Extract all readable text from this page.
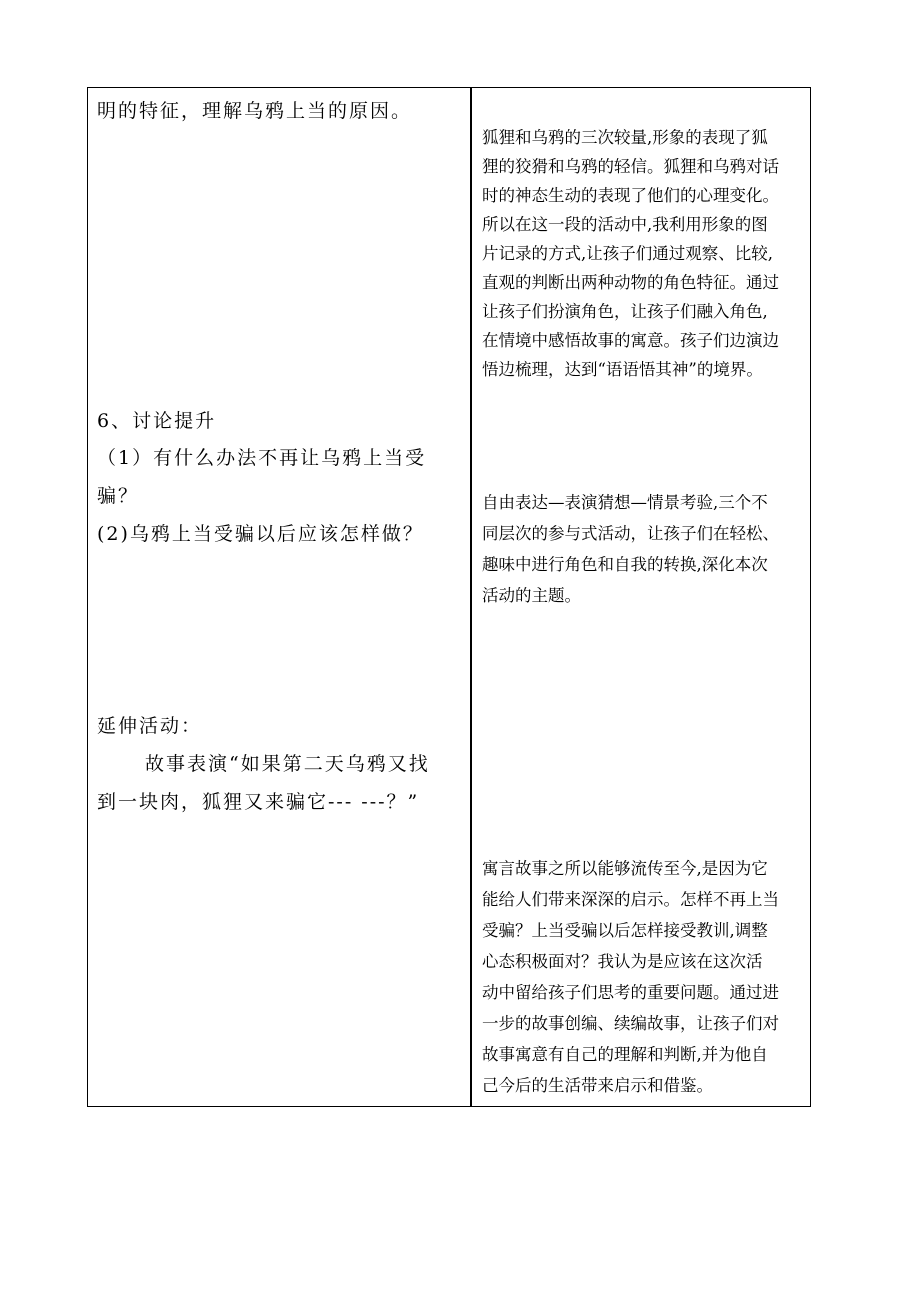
明的特征，理解乌鸦上当的原因。
6、讨论提升
（1）有什么办法不再让乌鸦上当受
骗？
(2)乌鸦上当受骗以后应该怎样做？
延伸活动：
故事表演“如果第二天乌鸦又找
到一块肉，狐狸又来骗它--- ---？”
狐狸和乌鸦的三次较量,形象的表现了狐
狸的狡猾和乌鸦的轻信。狐狸和乌鸦对话
时的神态生动的表现了他们的心理变化。
所以在这一段的活动中,我利用形象的图
片记录的方式,让孩子们通过观察、比较,
直观的判断出两种动物的角色特征。通过
让孩子们扮演角色，让孩子们融入角色,
在情境中感悟故事的寓意。孩子们边演边
悟边梳理，达到“语语悟其神”的境界。
自由表达—表演猜想—情景考验,三个不
同层次的参与式活动，让孩子们在轻松、
趣味中进行角色和自我的转换,深化本次
活动的主题。
寓言故事之所以能够流传至今,是因为它
能给人们带来深深的启示。怎样不再上当
受骗？上当受骗以后怎样接受教训,调整
心态积极面对？我认为是应该在这次活
动中留给孩子们思考的重要问题。通过进
一步的故事创编、续编故事，让孩子们对
故事寓意有自己的理解和判断,并为他自
己今后的生活带来启示和借鉴。
